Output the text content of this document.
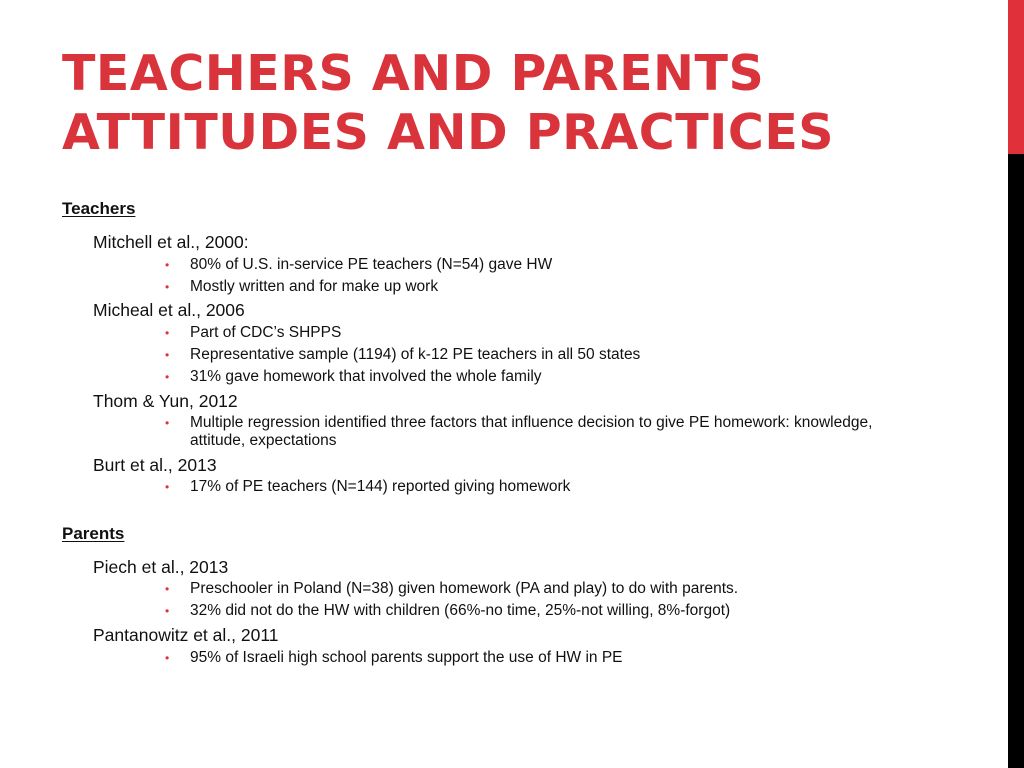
TEACHERS AND PARENTS
ATTITUDES AND PRACTICES
Teachers
Mitchell et al., 2000:
• 80% of U.S. in-service PE teachers (N=54) gave HW
• Mostly written and for make up work
Micheal et al., 2006
• Part of CDC’s SHPPS
• Representative sample (1194) of k-12 PE teachers in all 50 states
• 31% gave homework that involved the whole family
Thom & Yun, 2012
• Multiple regression identified three factors that influence decision to give PE homework: knowledge, attitude, expectations
Burt et al., 2013
• 17% of PE teachers (N=144) reported giving homework
Parents
Piech et al., 2013
• Preschooler in Poland (N=38) given homework (PA and play) to do with parents.
• 32% did not do the HW with children (66%-no time, 25%-not willing, 8%-forgot)
Pantanowitz et al., 2011
• 95% of Israeli high school parents support the use of HW in PE
